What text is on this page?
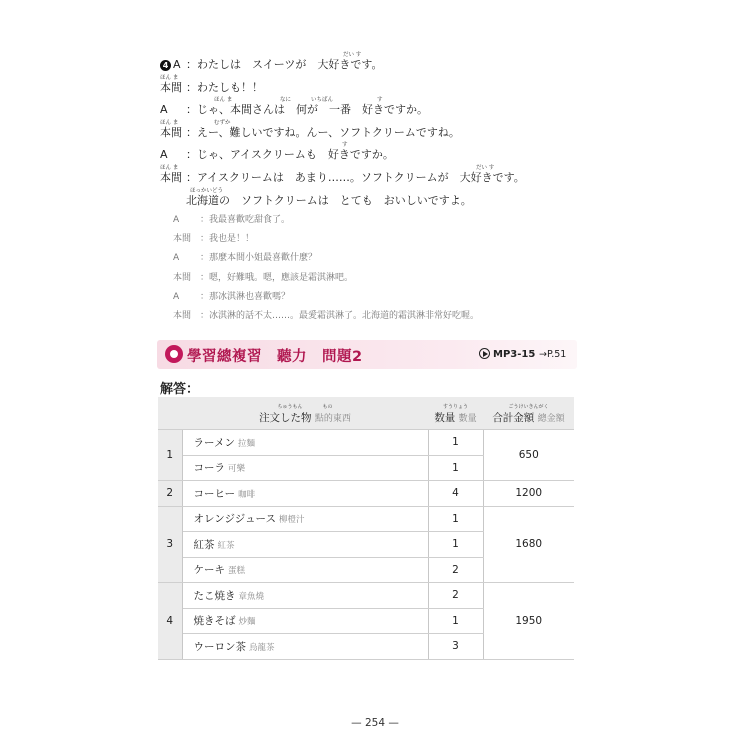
だい す
4 A ：わたしは　スイーツが　大好きです。
ほん ま
本間 ：わたしも！！
ほん ま	なに	いちばん	す
A ：じゃ、本間さんは　何が　一番　好きですか。
ほん ま	むずか
本間 ：えー、難しいですね。んー、ソフトクリームですね。
す
A ：じゃ、アイスクリームも　好きですか。
ほん ま	だい す
本間 ：アイスクリームは　あまり……。ソフトクリームが　大好きです。
ほっかいどう
北海道の　ソフトクリームは　とても　おいしいですよ。
A ：我最喜歡吃甜食了。
本間 ：我也是！！
A ：那麼本間小姐最喜歡什麼？
本間 ：嗯，好難哦。嗯，應該是霜淇淋吧。
A ：那冰淇淋也喜歡嗎？
本間 ：冰淇淋的話不太……。最愛霜淇淋了。北海道的霜淇淋非常好吃喔。
學習總複習　聽力　問題2	MP3-15 →P.51
解答：

	ちゅうもん　　　　もの
注文した物 點的東西	すうりょう
数量 數量	ごうけいきんがく
合計金額 總金額
1	ラーメン 拉麵	1	650
	コーラ 可樂	1	
2	コーヒー 咖啡	4	1200
3	オレンジジュース 柳橙汁	1	1680
	紅茶 紅茶	1	
	ケーキ 蛋糕	2	
4	たこ焼き 章魚燒	2	1950
	焼きそば 炒麵	1	
	ウーロン茶 烏龍茶	3	
— 254 —
